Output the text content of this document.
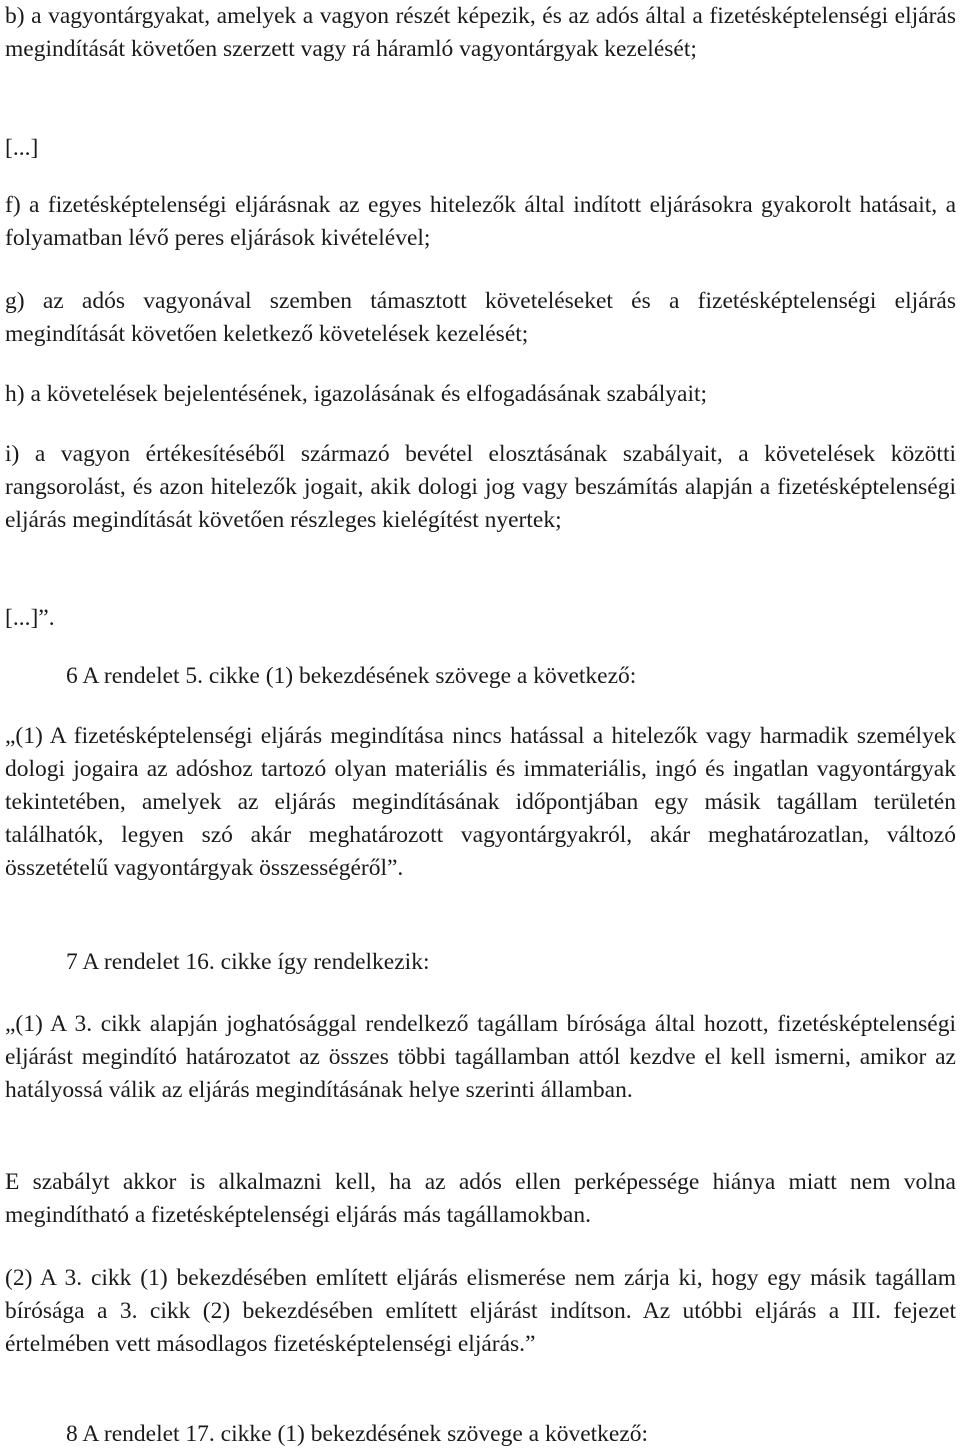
b) a vagyontárgyakat, amelyek a vagyon részét képezik, és az adós által a fizetésképtelenségi eljárás megindítását követően szerzett vagy rá háramló vagyontárgyak kezelését;

[...]

f) a fizetésképtelenségi eljárásnak az egyes hitelezők által indított eljárásokra gyakorolt hatásait, a folyamatban lévő peres eljárások kivételével;

g) az adós vagyonával szemben támasztott követeléseket és a fizetésképtelenségi eljárás megindítását követően keletkező követelések kezelését;

h) a követelések bejelentésének, igazolásának és elfogadásának szabályait;

i) a vagyon értékesítéséből származó bevétel elosztásának szabályait, a követelések közötti rangsorolást, és azon hitelezők jogait, akik dologi jog vagy beszámítás alapján a fizetésképtelenségi eljárás megindítását követően részleges kielégítést nyertek;

[...]”.

6 A rendelet 5. cikke (1) bekezdésének szövege a következő:

„(1) A fizetésképtelenségi eljárás megindítása nincs hatással a hitelezők vagy harmadik személyek dologi jogaira az adóshoz tartozó olyan materiális és immateriális, ingó és ingatlan vagyontárgyak tekintetében, amelyek az eljárás megindításának időpontjában egy másik tagállam területén találhatók, legyen szó akár meghatározott vagyontárgyakról, akár meghatározatlan, változó összetételű vagyontárgyak összességéről”.

7 A rendelet 16. cikke így rendelkezik:

„(1) A 3. cikk alapján joghatósággal rendelkező tagállam bírósága által hozott, fizetésképtelenségi eljárást megindító határozatot az összes többi tagállamban attól kezdve el kell ismerni, amikor az hatályossá válik az eljárás megindításának helye szerinti államban.

E szabályt akkor is alkalmazni kell, ha az adós ellen perképessége hiánya miatt nem volna megindítható a fizetésképtelenségi eljárás más tagállamokban.

(2) A 3. cikk (1) bekezdésében említett eljárás elismerése nem zárja ki, hogy egy másik tagállam bírósága a 3. cikk (2) bekezdésében említett eljárást indítson. Az utóbbi eljárás a III. fejezet értelmében vett másodlagos fizetésképtelenségi eljárás.”

8 A rendelet 17. cikke (1) bekezdésének szövege a következő:
